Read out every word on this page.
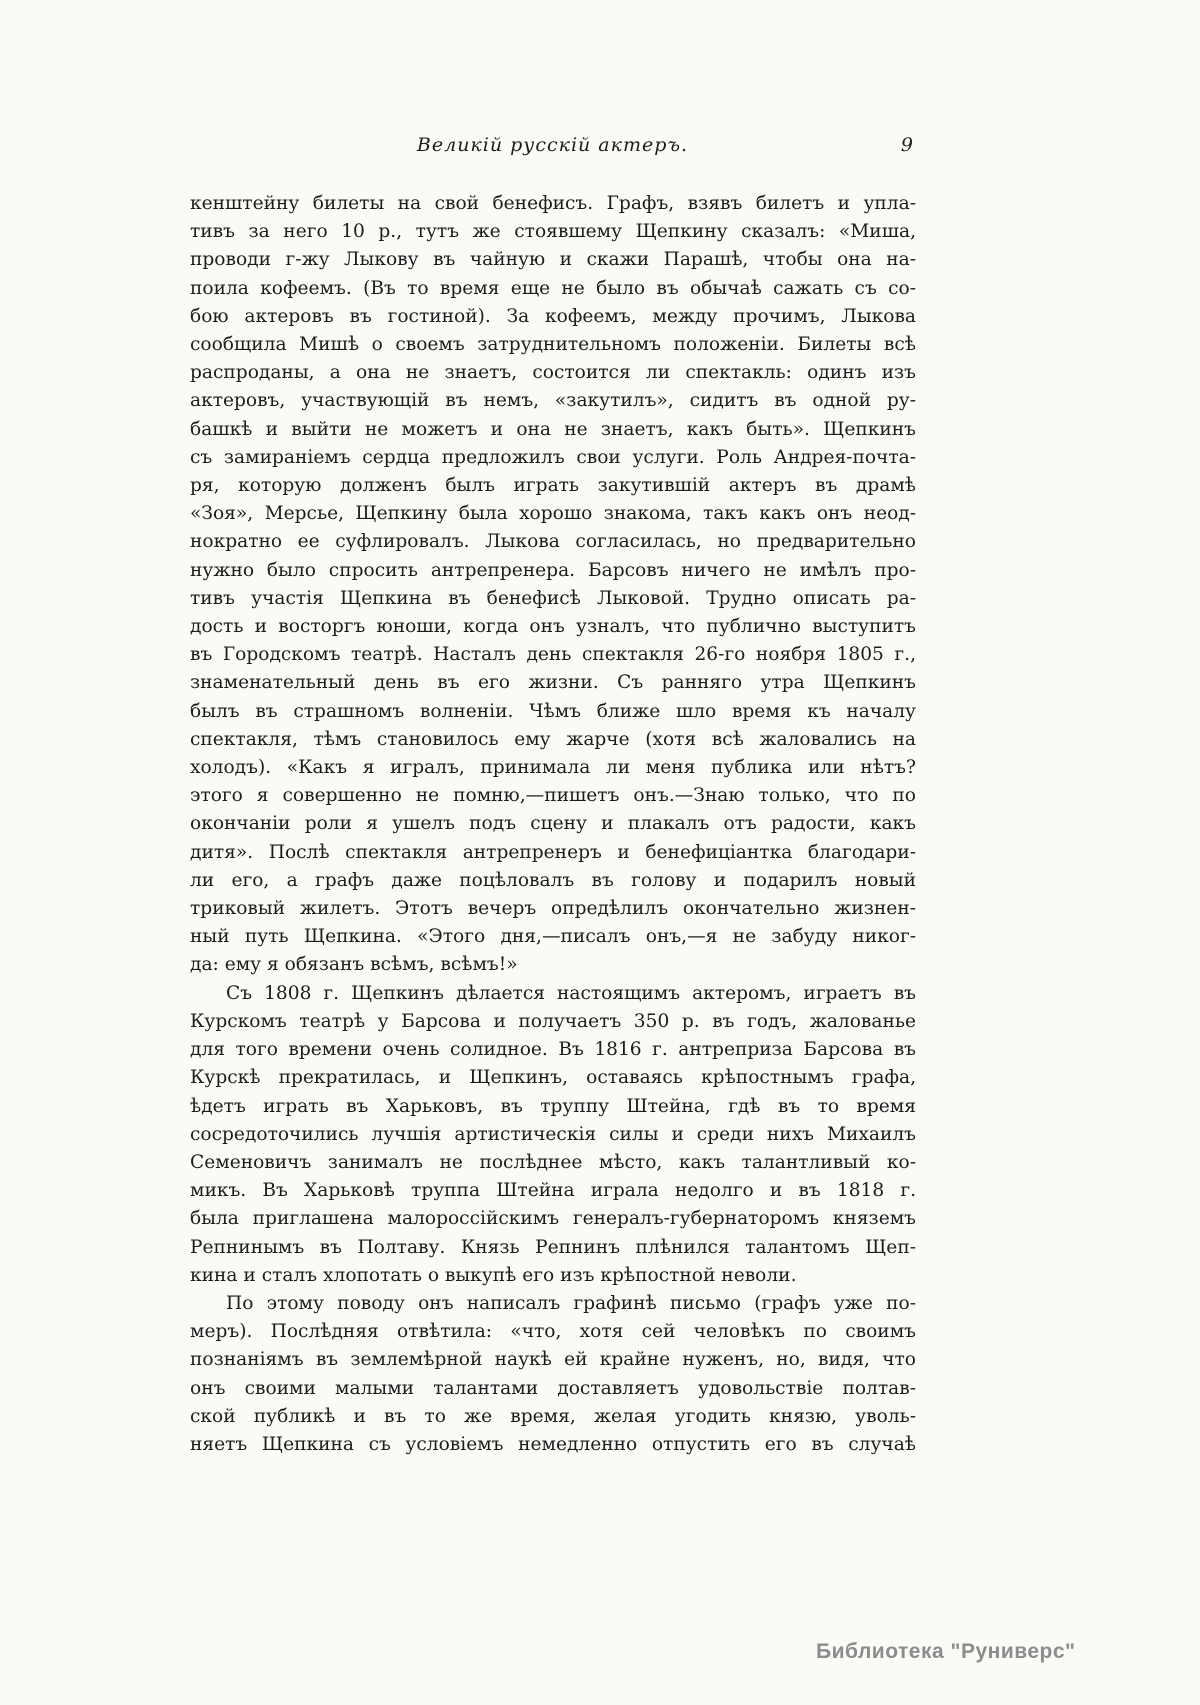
Великій русскій актеръ.	9
кенштейну билеты на свой бенефисъ. Графъ, взявъ билетъ и упла-
тивъ за него 10 р., тутъ же стоявшему Щепкину сказалъ: «Миша,
проводи г-жу Лыкову въ чайную и скажи Парашѣ, чтобы она на-
поила кофеемъ. (Въ то время еще не было въ обычаѣ сажать съ со-
бою актеровъ въ гостиной). За кофеемъ, между прочимъ, Лыкова
сообщила Мишѣ о своемъ затруднительномъ положеніи. Билеты всѣ
распроданы, а она не знаетъ, состоится ли спектакль: одинъ изъ
актеровъ, участвующій въ немъ, «закутилъ», сидитъ въ одной ру-
башкѣ и выйти не можетъ и она не знаетъ, какъ быть». Щепкинъ
съ замираніемъ сердца предложилъ свои услуги. Роль Андрея-почта-
ря, которую долженъ былъ играть закутившій актеръ въ драмѣ
«Зоя», Мерсье, Щепкину была хорошо знакома, такъ какъ онъ неод-
нократно ее суфлировалъ. Лыкова согласилась, но предварительно
нужно было спросить антрепренера. Барсовъ ничего не имѣлъ про-
тивъ участія Щепкина въ бенефисѣ Лыковой. Трудно описать ра-
дость и восторгъ юноши, когда онъ узналъ, что публично выступитъ
въ Городскомъ театрѣ. Насталъ день спектакля 26-го ноября 1805 г.,
знаменательный день въ его жизни. Съ ранняго утра Щепкинъ
былъ въ страшномъ волненіи. Чѣмъ ближе шло время къ началу
спектакля, тѣмъ становилось ему жарче (хотя всѣ жаловались на
холодъ). «Какъ я игралъ, принимала ли меня публика или нѣтъ?
этого я совершенно не помню,—пишетъ онъ.—Знаю только, что по
окончаніи роли я ушелъ подъ сцену и плакалъ отъ радости, какъ
дитя». Послѣ спектакля антрепренеръ и бенефиціантка благодари-
ли его, а графъ даже поцѣловалъ въ голову и подарилъ новый
триковый жилетъ. Этотъ вечеръ опредѣлилъ окончательно жизнен-
ный путь Щепкина. «Этого дня,—писалъ онъ,—я не забуду никог-
да: ему я обязанъ всѣмъ, всѣмъ!»
Съ 1808 г. Щепкинъ дѣлается настоящимъ актеромъ, играетъ въ
Курскомъ театрѣ у Барсова и получаетъ 350 р. въ годъ, жалованье
для того времени очень солидное. Въ 1816 г. антреприза Барсова въ
Курскѣ прекратилась, и Щепкинъ, оставаясь крѣпостнымъ графа,
ѣдетъ играть въ Харьковъ, въ труппу Штейна, гдѣ въ то время
сосредоточились лучшія артистическія силы и среди нихъ Михаилъ
Семеновичъ занималъ не послѣднее мѣсто, какъ талантливый ко-
микъ. Въ Харьковѣ труппа Штейна играла недолго и въ 1818 г.
была приглашена малороссійскимъ генералъ-губернаторомъ княземъ
Репнинымъ въ Полтаву. Князь Репнинъ плѣнился талантомъ Щеп-
кина и сталъ хлопотать о выкупѣ его изъ крѣпостной неволи.
По этому поводу онъ написалъ графинѣ письмо (графъ уже по-
меръ). Послѣдняя отвѣтила: «что, хотя сей человѣкъ по своимъ
познаніямъ въ землемѣрной наукѣ ей крайне нуженъ, но, видя, что
онъ своими малыми талантами доставляетъ удовольствіе полтав-
ской публикѣ и въ то же время, желая угодить князю, уволь-
няетъ Щепкина съ условіемъ немедленно отпустить его въ случаѣ
Библиотека "Руниверс"
